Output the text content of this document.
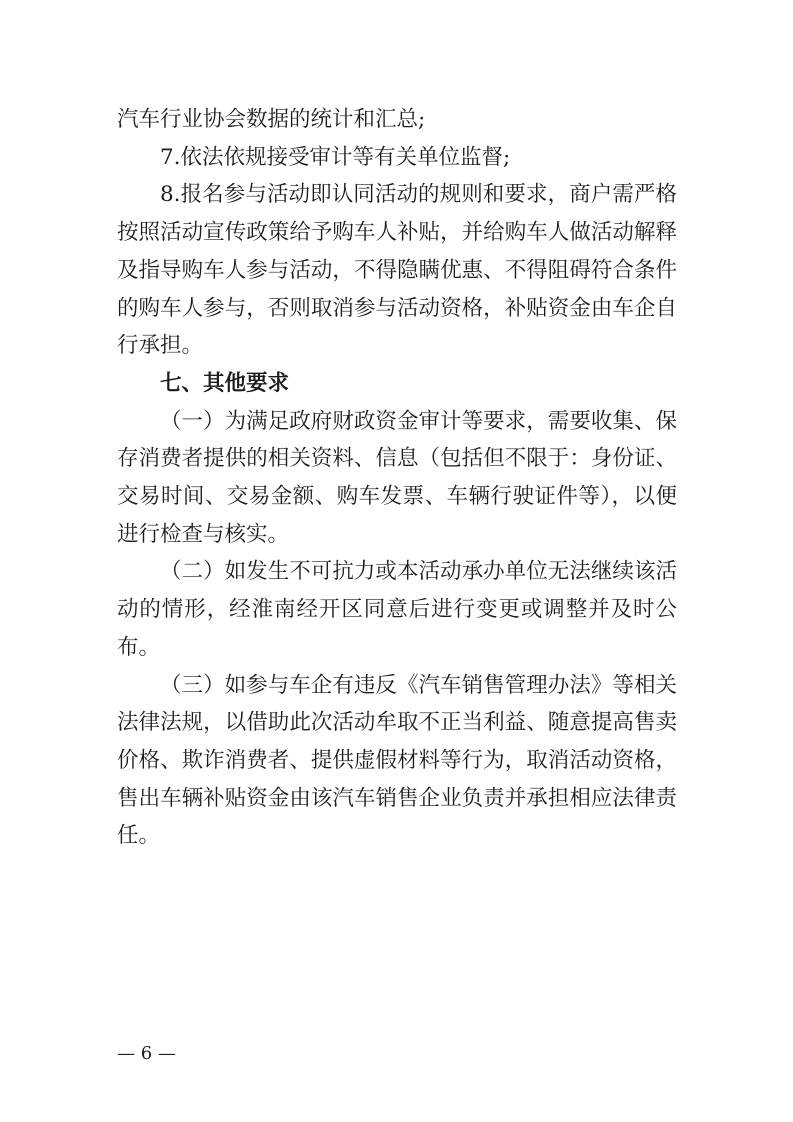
汽车行业协会数据的统计和汇总;

7.依法依规接受审计等有关单位监督;

8.报名参与活动即认同活动的规则和要求，商户需严格按照活动宣传政策给予购车人补贴，并给购车人做活动解释及指导购车人参与活动，不得隐瞒优惠、不得阻碍符合条件的购车人参与，否则取消参与活动资格，补贴资金由车企自行承担。

七、其他要求

（一）为满足政府财政资金审计等要求，需要收集、保存消费者提供的相关资料、信息（包括但不限于：身份证、交易时间、交易金额、购车发票、车辆行驶证件等），以便进行检查与核实。

（二）如发生不可抗力或本活动承办单位无法继续该活动的情形，经淮南经开区同意后进行变更或调整并及时公布。

（三）如参与车企有违反《汽车销售管理办法》等相关法律法规，以借助此次活动牟取不正当利益、随意提高售卖价格、欺诈消费者、提供虚假材料等行为，取消活动资格，售出车辆补贴资金由该汽车销售企业负责并承担相应法律责任。

— 6 —
